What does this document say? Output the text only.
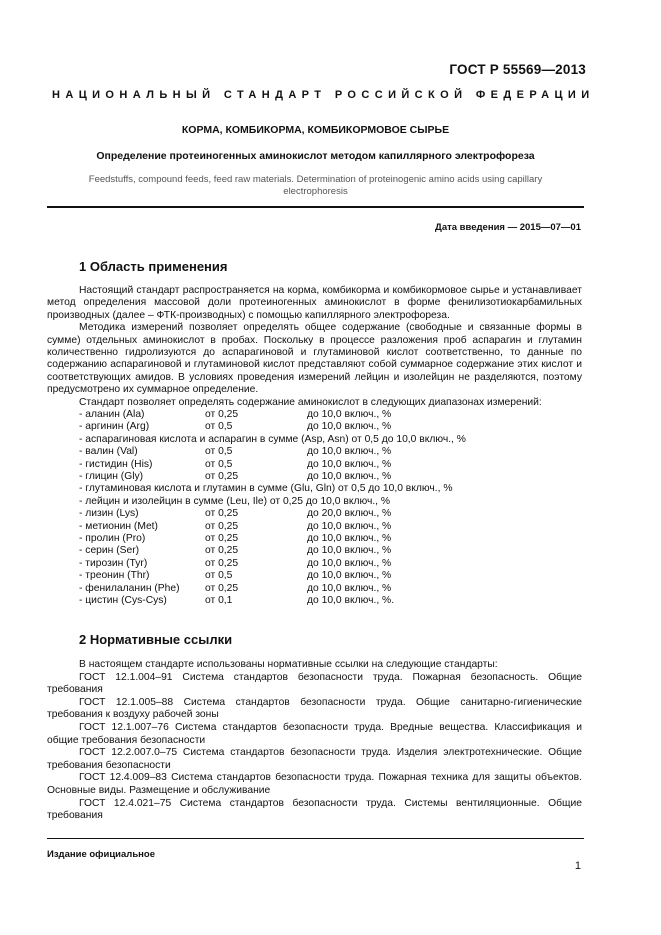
ГОСТ Р 55569—2013
НАЦИОНАЛЬНЫЙ СТАНДАРТ РОССИЙСКОЙ ФЕДЕРАЦИИ
КОРМА, КОМБИКОРМА, КОМБИКОРМОВОЕ СЫРЬЕ
Определение протеиногенных аминокислот методом капиллярного электрофореза
Feedstuffs, compound feeds, feed raw materials. Determination of proteinogenic amino acids using capillary electrophoresis
Дата введения — 2015—07—01
1 Область применения

Настоящий стандарт распространяется на корма, комбикорма и комбикормовое сырье и устанавливает метод определения массовой доли протеиногенных аминокислот в форме фенилизотиокарбамильных производных (далее – ФТК-производных) с помощью капиллярного электрофореза.

Методика измерений позволяет определять общее содержание (свободные и связанные формы в сумме) отдельных аминокислот в пробах. Поскольку в процессе разложения проб аспарагин и глутамин количественно гидролизуются до аспарагиновой и глутаминовой кислот соответственно, то данные по содержанию аспарагиновой и глутаминовой кислот представляют собой суммарное содержание этих кислот и соответствующих амидов. В условиях проведения измерений лейцин и изолейцин не разделяются, поэтому предусмотрено их суммарное определение.

Стандарт позволяет определять содержание аминокислот в следующих диапазонах измерений:

- аланин (Ala)	от 0,25	до 10,0 включ., %
- аргинин (Arg)	от 0,5	до 10,0 включ., %
- аспарагиновая кислота и аспарагин в сумме (Asp, Asn) от 0,5 до 10,0 включ., %
- валин (Val)	от 0,5	до 10,0 включ., %
- гистидин (His)	от 0,5	до 10,0 включ., %
- глицин (Gly)	от 0,25	до 10,0 включ., %
- глутаминовая кислота и глутамин в сумме (Glu, Gln) от 0,5 до 10,0 включ., %
- лейцин и изолейцин в сумме (Leu, Ile) от 0,25 до 10,0 включ., %
- лизин (Lys)	от 0,25	до 20,0 включ., %
- метионин (Met)	от 0,25	до 10,0 включ., %
- пролин (Pro)	от 0,25	до 10,0 включ., %
- серин (Ser)	от 0,25	до 10,0 включ., %
- тирозин (Tyr)	от 0,25	до 10,0 включ., %
- треонин (Thr)	от 0,5	до 10,0 включ., %
- фенилаланин (Phe) от 0,25	до 10,0 включ., %
- цистин (Cys-Cys)	от 0,1	до 10,0 включ., %.
2 Нормативные ссылки

В настоящем стандарте использованы нормативные ссылки на следующие стандарты:

ГОСТ 12.1.004–91 Система стандартов безопасности труда. Пожарная безопасность. Общие требования

ГОСТ 12.1.005–88 Система стандартов безопасности труда. Общие санитарно-гигиенические требования к воздуху рабочей зоны

ГОСТ 12.1.007–76 Система стандартов безопасности труда. Вредные вещества. Классификация и общие требования безопасности

ГОСТ 12.2.007.0–75 Система стандартов безопасности труда. Изделия электротехнические. Общие требования безопасности

ГОСТ 12.4.009–83 Система стандартов безопасности труда. Пожарная техника для защиты объектов. Основные виды. Размещение и обслуживание

ГОСТ 12.4.021–75 Система стандартов безопасности труда. Системы вентиляционные. Общие требования

Издание официальное
1
